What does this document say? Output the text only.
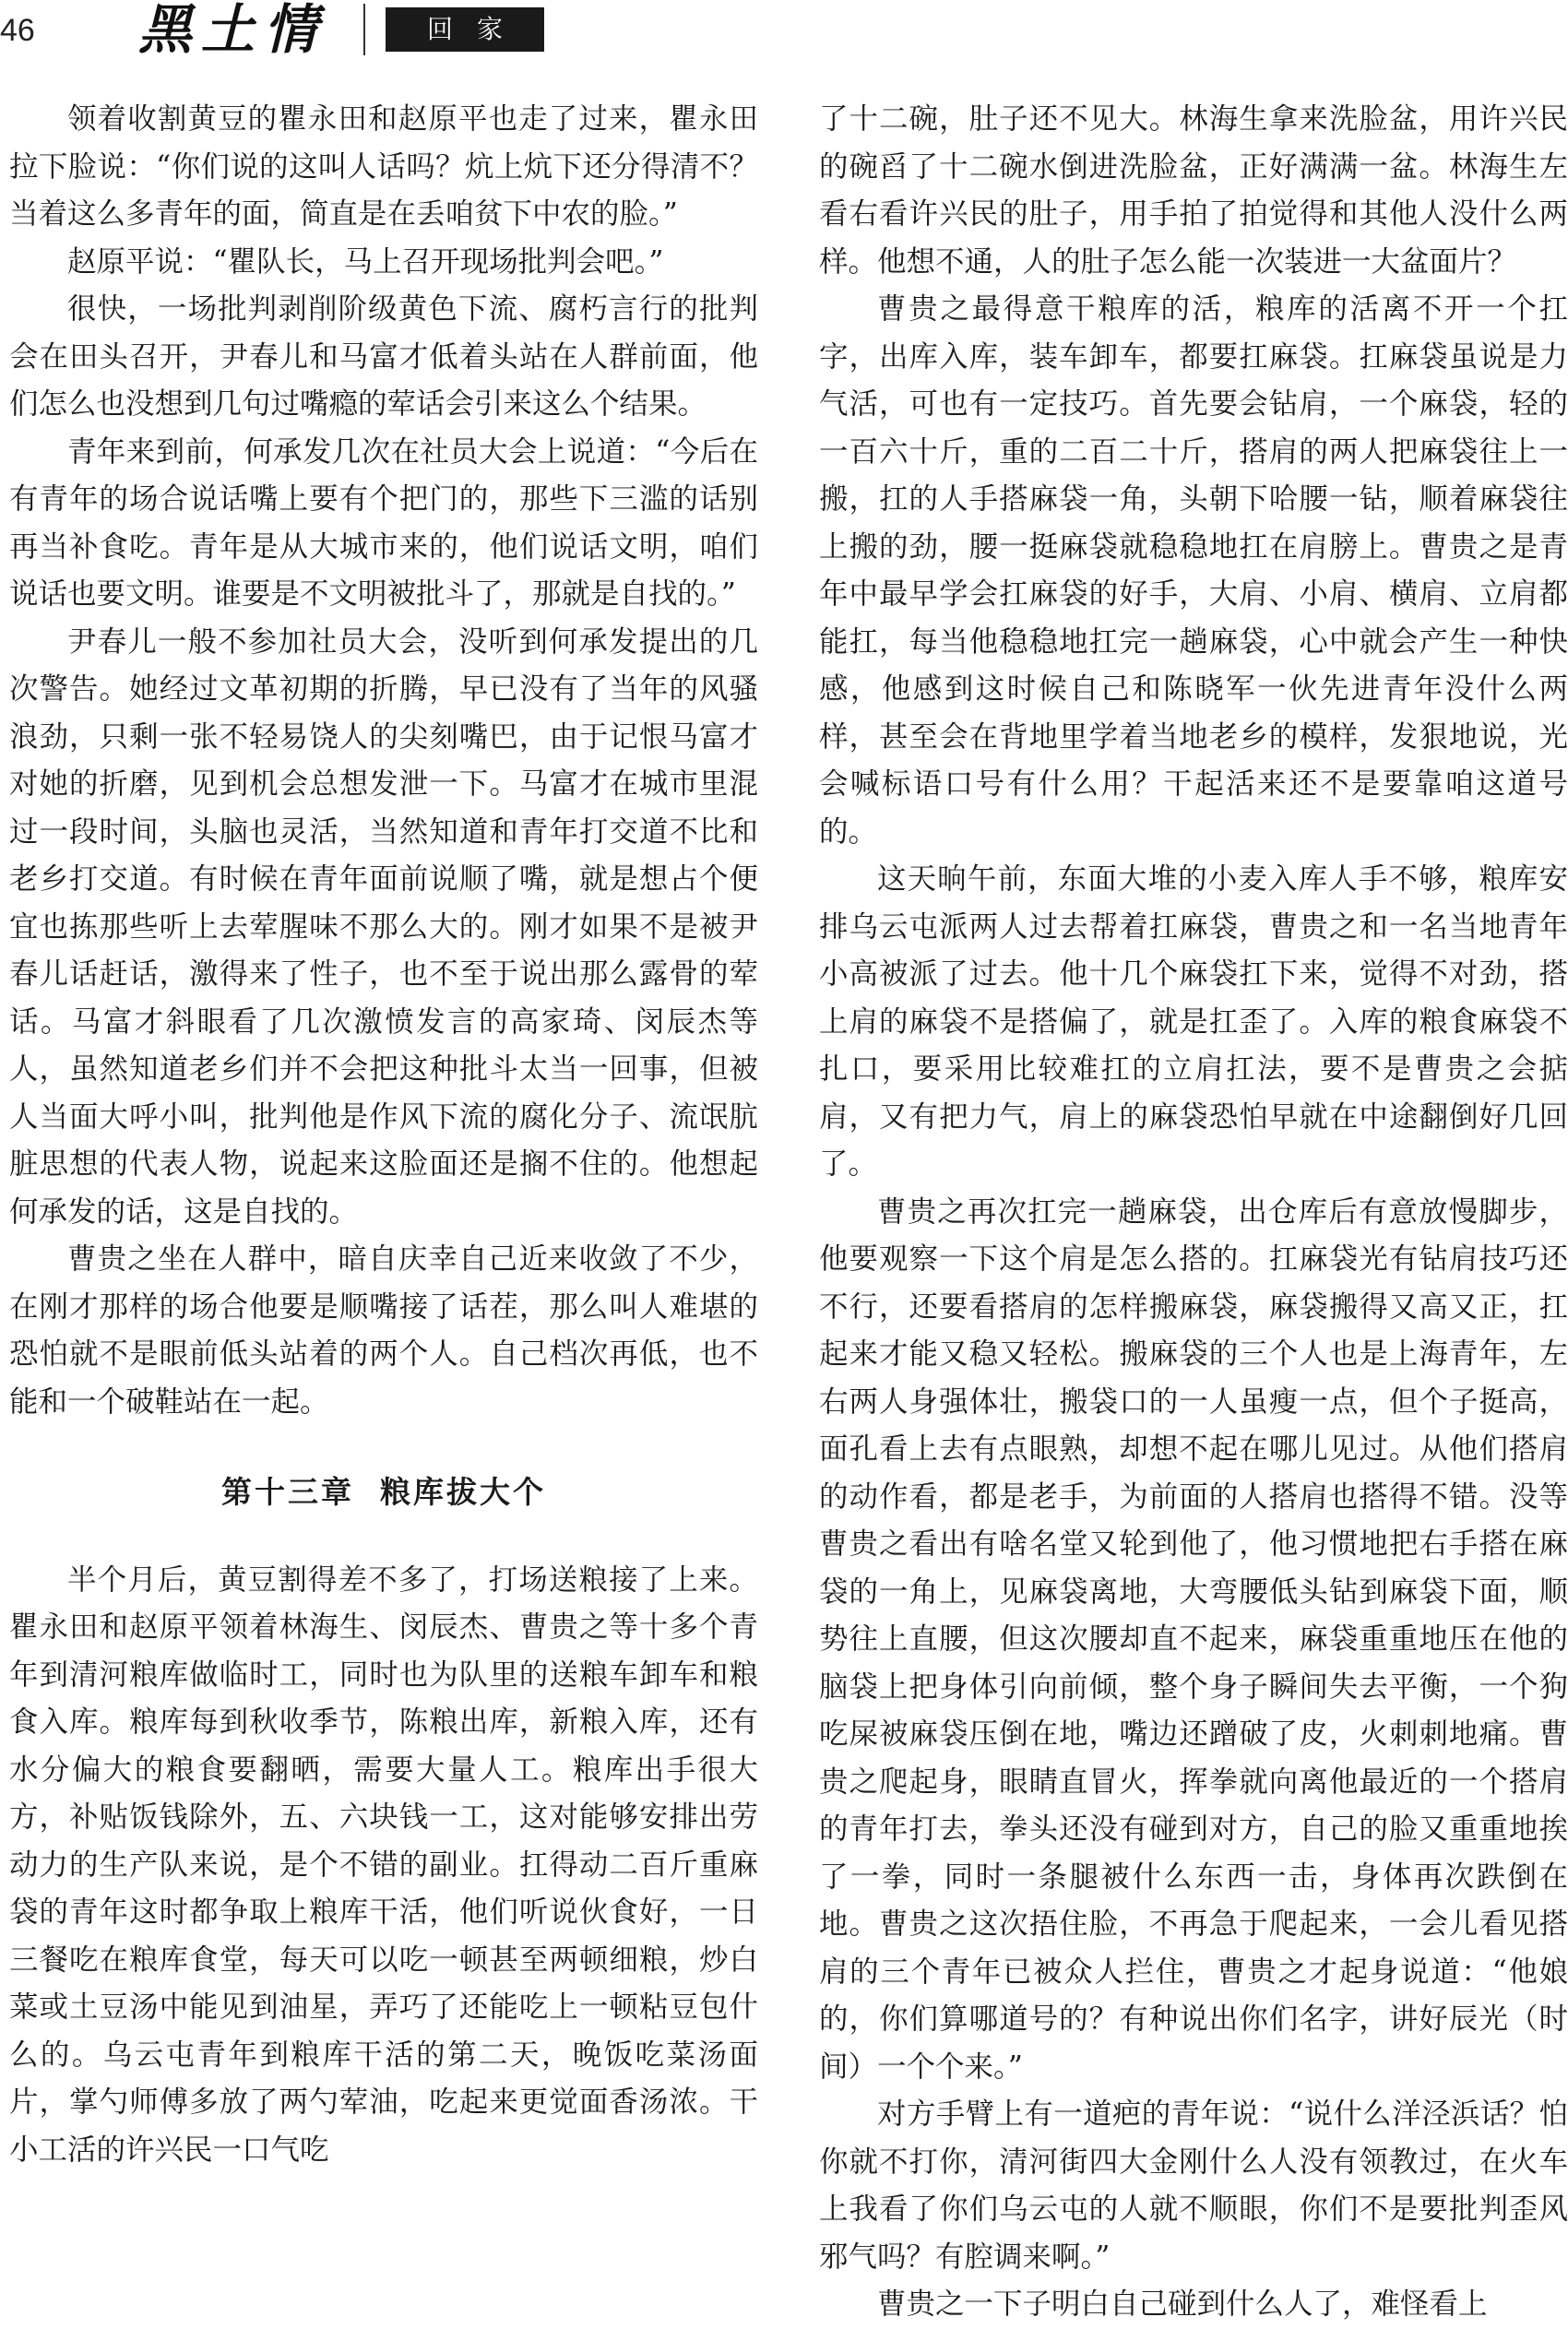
46 黑土情	回家

领着收割黄豆的瞿永田和赵原平也走了过来，瞿永田拉下脸说：“你们说的这叫人话吗？炕上炕下还分得清不？当着这么多青年的面，简直是在丢咱贫下中农的脸。”

赵原平说：“瞿队长，马上召开现场批判会吧。”

很快，一场批判剥削阶级黄色下流、腐朽言行的批判会在田头召开，尹春儿和马富才低着头站在人群前面，他们怎么也没想到几句过嘴瘾的荤话会引来这么个结果。

青年来到前，何承发几次在社员大会上说道：“今后在有青年的场合说话嘴上要有个把门的，那些下三滥的话别再当补食吃。青年是从大城市来的，他们说话文明，咱们说话也要文明。谁要是不文明被批斗了，那就是自找的。”

尹春儿一般不参加社员大会，没听到何承发提出的几次警告。她经过文革初期的折腾，早已没有了当年的风骚浪劲，只剩一张不轻易饶人的尖刻嘴巴，由于记恨马富才对她的折磨，见到机会总想发泄一下。马富才在城市里混过一段时间，头脑也灵活，当然知道和青年打交道不比和老乡打交道。有时候在青年面前说顺了嘴，就是想占个便宜也拣那些听上去荤腥味不那么大的。刚才如果不是被尹春儿话赶话，激得来了性子，也不至于说出那么露骨的荤话。马富才斜眼看了几次激愤发言的高家琦、闵辰杰等人，虽然知道老乡们并不会把这种批斗太当一回事，但被人当面大呼小叫，批判他是作风下流的腐化分子、流氓肮脏思想的代表人物，说起来这脸面还是搁不住的。他想起何承发的话，这是自找的。

曹贵之坐在人群中，暗自庆幸自己近来收敛了不少，在刚才那样的场合他要是顺嘴接了话茬，那么叫人难堪的恐怕就不是眼前低头站着的两个人。自己档次再低，也不能和一个破鞋站在一起。

第十三章 粮库拔大个

半个月后，黄豆割得差不多了，打场送粮接了上来。瞿永田和赵原平领着林海生、闵辰杰、曹贵之等十多个青年到清河粮库做临时工，同时也为队里的送粮车卸车和粮食入库。粮库每到秋收季节，陈粮出库，新粮入库，还有水分偏大的粮食要翻晒，需要大量人工。粮库出手很大方，补贴饭钱除外，五、六块钱一工，这对能够安排出劳动力的生产队来说，是个不错的副业。扛得动二百斤重麻袋的青年这时都争取上粮库干活，他们听说伙食好，一日三餐吃在粮库食堂，每天可以吃一顿甚至两顿细粮，炒白菜或土豆汤中能见到油星，弄巧了还能吃上一顿粘豆包什么的。乌云屯青年到粮库干活的第二天，晚饭吃菜汤面片，掌勺师傅多放了两勺荤油，吃起来更觉面香汤浓。干小工活的许兴民一口气吃

了十二碗，肚子还不见大。林海生拿来洗脸盆，用许兴民的碗舀了十二碗水倒进洗脸盆，正好满满一盆。林海生左看右看许兴民的肚子，用手拍了拍觉得和其他人没什么两样。他想不通，人的肚子怎么能一次装进一大盆面片？

曹贵之最得意干粮库的活，粮库的活离不开一个扛字，出库入库，装车卸车，都要扛麻袋。扛麻袋虽说是力气活，可也有一定技巧。首先要会钻肩，一个麻袋，轻的一百六十斤，重的二百二十斤，搭肩的两人把麻袋往上一搬，扛的人手搭麻袋一角，头朝下哈腰一钻，顺着麻袋往上搬的劲，腰一挺麻袋就稳稳地扛在肩膀上。曹贵之是青年中最早学会扛麻袋的好手，大肩、小肩、横肩、立肩都能扛，每当他稳稳地扛完一趟麻袋，心中就会产生一种快感，他感到这时候自己和陈晓军一伙先进青年没什么两样，甚至会在背地里学着当地老乡的模样，发狠地说，光会喊标语口号有什么用？干起活来还不是要靠咱这道号的。

这天晌午前，东面大堆的小麦入库人手不够，粮库安排乌云屯派两人过去帮着扛麻袋，曹贵之和一名当地青年小高被派了过去。他十几个麻袋扛下来，觉得不对劲，搭上肩的麻袋不是搭偏了，就是扛歪了。入库的粮食麻袋不扎口，要采用比较难扛的立肩扛法，要不是曹贵之会掂肩，又有把力气，肩上的麻袋恐怕早就在中途翻倒好几回了。

曹贵之再次扛完一趟麻袋，出仓库后有意放慢脚步，他要观察一下这个肩是怎么搭的。扛麻袋光有钻肩技巧还不行，还要看搭肩的怎样搬麻袋，麻袋搬得又高又正，扛起来才能又稳又轻松。搬麻袋的三个人也是上海青年，左右两人身强体壮，搬袋口的一人虽瘦一点，但个子挺高，面孔看上去有点眼熟，却想不起在哪儿见过。从他们搭肩的动作看，都是老手，为前面的人搭肩也搭得不错。没等曹贵之看出有啥名堂又轮到他了，他习惯地把右手搭在麻袋的一角上，见麻袋离地，大弯腰低头钻到麻袋下面，顺势往上直腰，但这次腰却直不起来，麻袋重重地压在他的脑袋上把身体引向前倾，整个身子瞬间失去平衡，一个狗吃屎被麻袋压倒在地，嘴边还蹭破了皮，火刺刺地痛。曹贵之爬起身，眼睛直冒火，挥拳就向离他最近的一个搭肩的青年打去，拳头还没有碰到对方，自己的脸又重重地挨了一拳，同时一条腿被什么东西一击，身体再次跌倒在地。曹贵之这次捂住脸，不再急于爬起来，一会儿看见搭肩的三个青年已被众人拦住，曹贵之才起身说道：“他娘的，你们算哪道号的？有种说出你们名字，讲好辰光（时间）一个个来。”

对方手臂上有一道疤的青年说：“说什么洋泾浜话？怕你就不打你，清河街四大金刚什么人没有领教过，在火车上我看了你们乌云屯的人就不顺眼，你们不是要批判歪风邪气吗？有腔调来啊。”

曹贵之一下子明白自己碰到什么人了，难怪看上
